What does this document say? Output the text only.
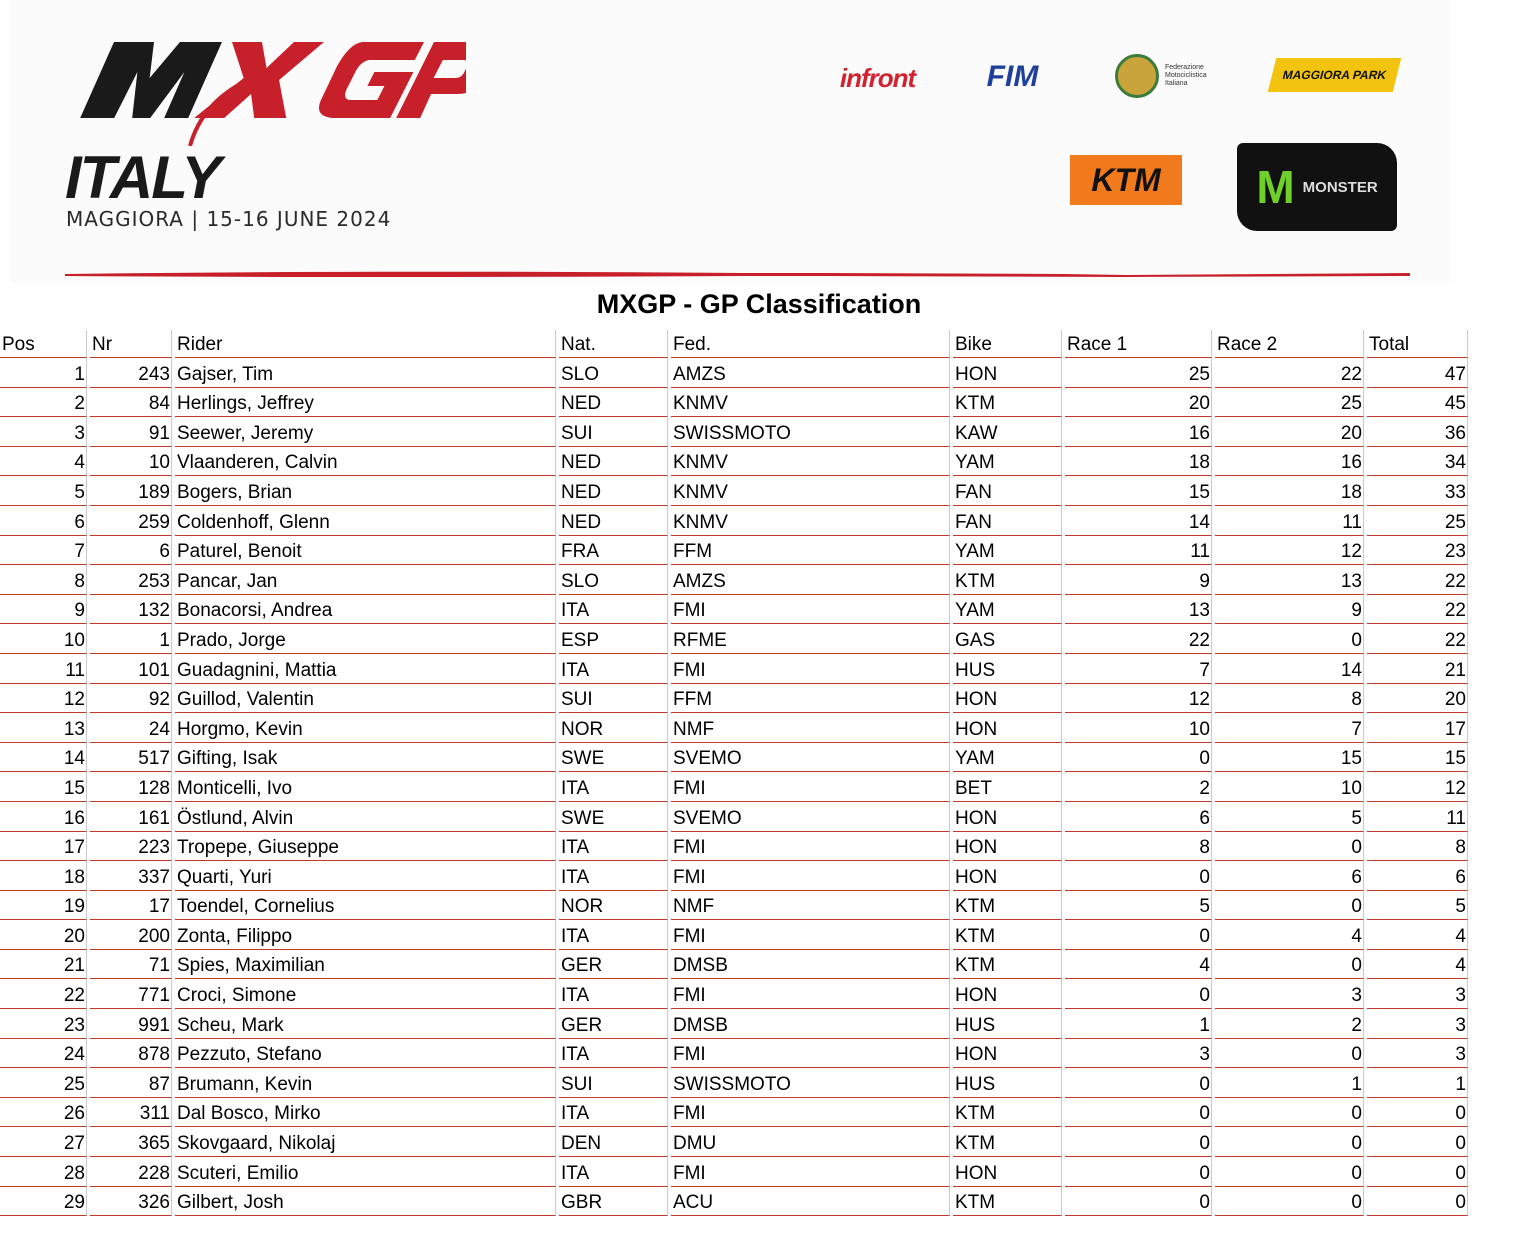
ITALY
MAGGIORA | 15-16 JUNE 2024
infront	FIM	Federazione Motociclistica Italiana
MAGGIORA PARK
KTM	M MONSTER
MXGP - GP Classification
Pos	Nr	Rider	Nat.	Fed.	Bike	Race 1	Race 2	Total
1	243	Gajser, Tim	SLO	AMZS	HON	25	22	47
2	84	Herlings, Jeffrey	NED	KNMV	KTM	20	25	45
3	91	Seewer, Jeremy	SUI	SWISSMOTO	KAW	16	20	36
4	10	Vlaanderen, Calvin	NED	KNMV	YAM	18	16	34
5	189	Bogers, Brian	NED	KNMV	FAN	15	18	33
6	259	Coldenhoff, Glenn	NED	KNMV	FAN	14	11	25
7	6	Paturel, Benoit	FRA	FFM	YAM	11	12	23
8	253	Pancar, Jan	SLO	AMZS	KTM	9	13	22
9	132	Bonacorsi, Andrea	ITA	FMI	YAM	13	9	22
10	1	Prado, Jorge	ESP	RFME	GAS	22	0	22
11	101	Guadagnini, Mattia	ITA	FMI	HUS	7	14	21
12	92	Guillod, Valentin	SUI	FFM	HON	12	8	20
13	24	Horgmo, Kevin	NOR	NMF	HON	10	7	17
14	517	Gifting, Isak	SWE	SVEMO	YAM	0	15	15
15	128	Monticelli, Ivo	ITA	FMI	BET	2	10	12
16	161	Östlund, Alvin	SWE	SVEMO	HON	6	5	11
17	223	Tropepe, Giuseppe	ITA	FMI	HON	8	0	8
18	337	Quarti, Yuri	ITA	FMI	HON	0	6	6
19	17	Toendel, Cornelius	NOR	NMF	KTM	5	0	5
20	200	Zonta, Filippo	ITA	FMI	KTM	0	4	4
21	71	Spies, Maximilian	GER	DMSB	KTM	4	0	4
22	771	Croci, Simone	ITA	FMI	HON	0	3	3
23	991	Scheu, Mark	GER	DMSB	HUS	1	2	3
24	878	Pezzuto, Stefano	ITA	FMI	HON	3	0	3
25	87	Brumann, Kevin	SUI	SWISSMOTO	HUS	0	1	1
26	311	Dal Bosco, Mirko	ITA	FMI	KTM	0	0	0
27	365	Skovgaard, Nikolaj	DEN	DMU	KTM	0	0	0
28	228	Scuteri, Emilio	ITA	FMI	HON	0	0	0
29	326	Gilbert, Josh	GBR	ACU	KTM	0	0	0
